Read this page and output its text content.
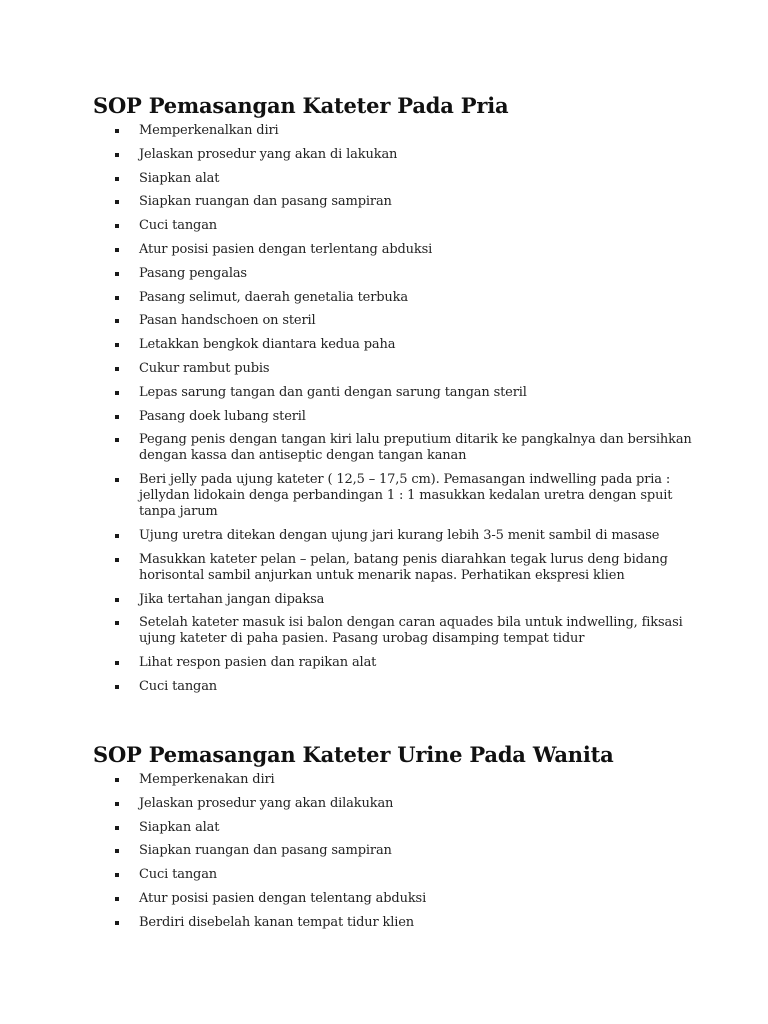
SOP Pemasangan Kateter Pada Pria
Memperkenalkan diri
Jelaskan prosedur yang akan di lakukan
Siapkan alat
Siapkan ruangan dan pasang sampiran
Cuci tangan
Atur posisi pasien dengan terlentang abduksi
Pasang pengalas
Pasang selimut, daerah genetalia terbuka
Pasan handschoen on steril
Letakkan bengkok diantara kedua paha
Cukur rambut pubis
Lepas sarung tangan dan ganti dengan sarung tangan steril
Pasang doek lubang steril
Pegang penis dengan tangan kiri lalu preputium ditarik ke pangkalnya dan bersihkan dengan kassa dan antiseptic dengan tangan kanan
Beri jelly pada ujung kateter ( 12,5 – 17,5 cm). Pemasangan indwelling pada pria : jellydan lidokain denga perbandingan 1 : 1 masukkan kedalan uretra dengan spuit tanpa jarum
Ujung uretra ditekan dengan ujung jari kurang lebih 3-5 menit sambil di masase
Masukkan kateter pelan – pelan, batang penis diarahkan tegak lurus deng bidang horisontal sambil anjurkan untuk menarik napas. Perhatikan ekspresi klien
Jika tertahan jangan dipaksa
Setelah kateter masuk isi balon dengan caran aquades bila untuk indwelling, fiksasi ujung kateter di paha pasien. Pasang urobag disamping tempat tidur
Lihat respon pasien dan rapikan alat
Cuci tangan
SOP Pemasangan Kateter Urine Pada Wanita
Memperkenakan diri
Jelaskan prosedur yang akan dilakukan
Siapkan alat
Siapkan ruangan dan pasang sampiran
Cuci tangan
Atur posisi pasien dengan telentang abduksi
Berdiri disebelah kanan tempat tidur klien
